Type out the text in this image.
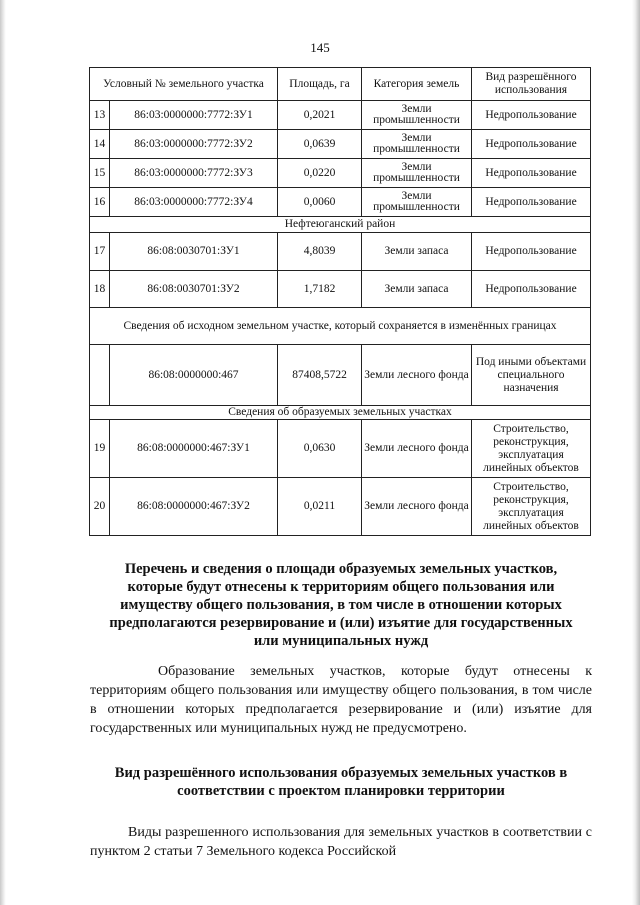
145
Условный № земельного участка		Площадь, га	Категория земель	Вид разрешённого использования
13	86:03:0000000:7772:ЗУ1	0,2021	Земли промышленности	Недропользование
14	86:03:0000000:7772:ЗУ2	0,0639	Земли промышленности	Недропользование
15	86:03:0000000:7772:ЗУ3	0,0220	Земли промышленности	Недропользование
16	86:03:0000000:7772:ЗУ4	0,0060	Земли промышленности	Недропользование
Нефтеюганский район				
17	86:08:0030701:ЗУ1	4,8039	Земли запаса	Недропользование
18	86:08:0030701:ЗУ2	1,7182	Земли запаса	Недропользование
Сведения об исходном земельном участке, который сохраняется в изменённых границах				
	86:08:0000000:467	87408,5722	Земли лесного фонда	Под иными объектами специального назначения
Сведения об образуемых земельных участках				
19	86:08:0000000:467:ЗУ1	0,0630	Земли лесного фонда	Строительство, реконструкция, эксплуатация линейных объектов
20	86:08:0000000:467:ЗУ2	0,0211	Земли лесного фонда	Строительство, реконструкция, эксплуатация линейных объектов
Перечень и сведения о площади образуемых земельных участков, которые будут отнесены к территориям общего пользования или имуществу общего пользования, в том числе в отношении которых предполагаются резервирование и (или) изъятие для государственных или муниципальных нужд
Образование земельных участков, которые будут отнесены к территориям общего пользования или имуществу общего пользования, в том числе в отношении которых предполагается резервирование и (или) изъятие для государственных или муниципальных нужд не предусмотрено.
Вид разрешённого использования образуемых земельных участков в соответствии с проектом планировки территории
Виды разрешенного использования для земельных участков в соответствии с пунктом 2 статьи 7 Земельного кодекса Российской
